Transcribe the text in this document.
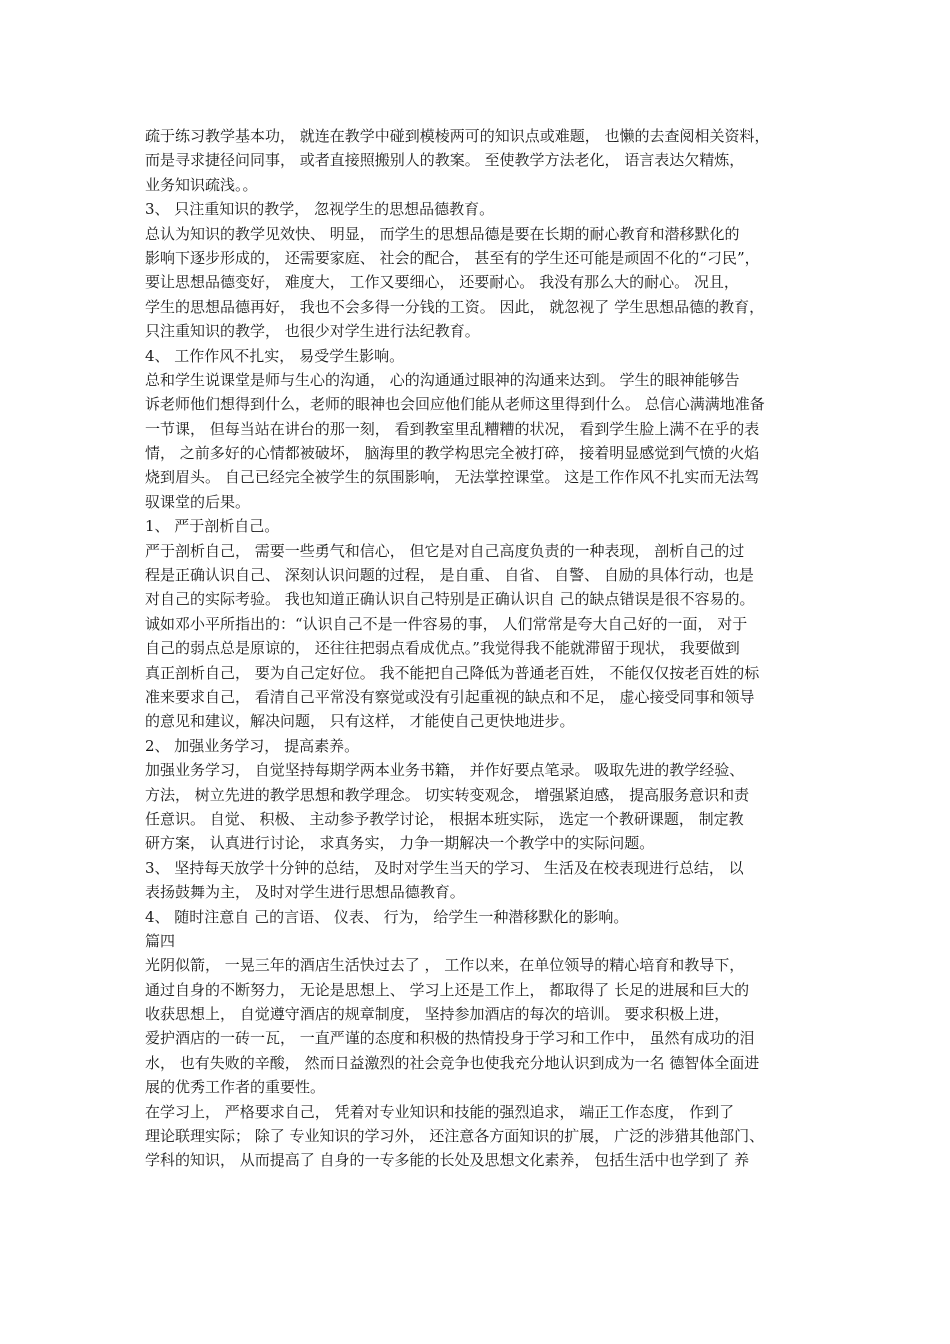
疏于练习教学基本功， 就连在教学中碰到模棱两可的知识点或难题， 也懒的去查阅相关资料，
而是寻求捷径问同事， 或者直接照搬别人的教案。 至使教学方法老化， 语言表达欠精炼，
业务知识疏浅。。
3、 只注重知识的教学， 忽视学生的思想品德教育。
总认为知识的教学见效快、 明显， 而学生的思想品德是要在长期的耐心教育和潜移默化的
影响下逐步形成的， 还需要家庭、 社会的配合， 甚至有的学生还可能是顽固不化的“刁民”，
要让思想品德变好， 难度大， 工作又要细心， 还要耐心。 我没有那么大的耐心。 况且，
学生的思想品德再好， 我也不会多得一分钱的工资。 因此， 就忽视了 学生思想品德的教育，
只注重知识的教学， 也很少对学生进行法纪教育。
4、 工作作风不扎实， 易受学生影响。
总和学生说课堂是师与生心的沟通， 心的沟通通过眼神的沟通来达到。 学生的眼神能够告
诉老师他们想得到什么，老师的眼神也会回应他们能从老师这里得到什么。 总信心满满地准备
一节课， 但每当站在讲台的那一刻， 看到教室里乱糟糟的状况， 看到学生脸上满不在乎的表
情， 之前多好的心情都被破坏， 脑海里的教学构思完全被打碎， 接着明显感觉到气愤的火焰
烧到眉头。 自己已经完全被学生的氛围影响， 无法掌控课堂。 这是工作作风不扎实而无法驾
驭课堂的后果。
1、 严于剖析自己。
严于剖析自己， 需要一些勇气和信心， 但它是对自己高度负责的一种表现， 剖析自己的过
程是正确认识自己、 深刻认识问题的过程， 是自重、 自省、 自警、 自励的具体行动，也是
对自己的实际考验。 我也知道正确认识自己特别是正确认识自 己的缺点错误是很不容易的。
诚如邓小平所指出的：“认识自己不是一件容易的事， 人们常常是夸大自己好的一面， 对于
自己的弱点总是原谅的， 还往往把弱点看成优点。”我觉得我不能就滞留于现状， 我要做到
真正剖析自己， 要为自己定好位。 我不能把自己降低为普通老百姓， 不能仅仅按老百姓的标
准来要求自己， 看清自己平常没有察觉或没有引起重视的缺点和不足， 虚心接受同事和领导
的意见和建议，解决问题， 只有这样， 才能使自己更快地进步。
2、 加强业务学习， 提高素养。
加强业务学习， 自觉坚持每期学两本业务书籍， 并作好要点笔录。 吸取先进的教学经验、
方法， 树立先进的教学思想和教学理念。 切实转变观念， 增强紧迫感， 提高服务意识和责
任意识。 自觉、 积极、 主动参予教学讨论， 根据本班实际， 选定一个教研课题， 制定教
研方案， 认真进行讨论， 求真务实， 力争一期解决一个教学中的实际问题。
3、 坚持每天放学十分钟的总结， 及时对学生当天的学习、 生活及在校表现进行总结， 以
表扬鼓舞为主， 及时对学生进行思想品德教育。
4、 随时注意自 己的言语、 仪表、 行为， 给学生一种潜移默化的影响。
篇四
光阴似箭， 一晃三年的酒店生活快过去了 ， 工作以来，在单位领导的精心培育和教导下，
通过自身的不断努力， 无论是思想上、 学习上还是工作上， 都取得了 长足的进展和巨大的
收获思想上， 自觉遵守酒店的规章制度， 坚持参加酒店的每次的培训。 要求积极上进，
爱护酒店的一砖一瓦， 一直严谨的态度和积极的热情投身于学习和工作中， 虽然有成功的泪
水， 也有失败的辛酸， 然而日益激烈的社会竞争也使我充分地认识到成为一名 德智体全面进
展的优秀工作者的重要性。
在学习上， 严格要求自己， 凭着对专业知识和技能的强烈追求， 端正工作态度， 作到了
理论联理实际； 除了 专业知识的学习外， 还注意各方面知识的扩展， 广泛的涉猎其他部门、
学科的知识， 从而提高了 自身的一专多能的长处及思想文化素养， 包括生活中也学到了 养
